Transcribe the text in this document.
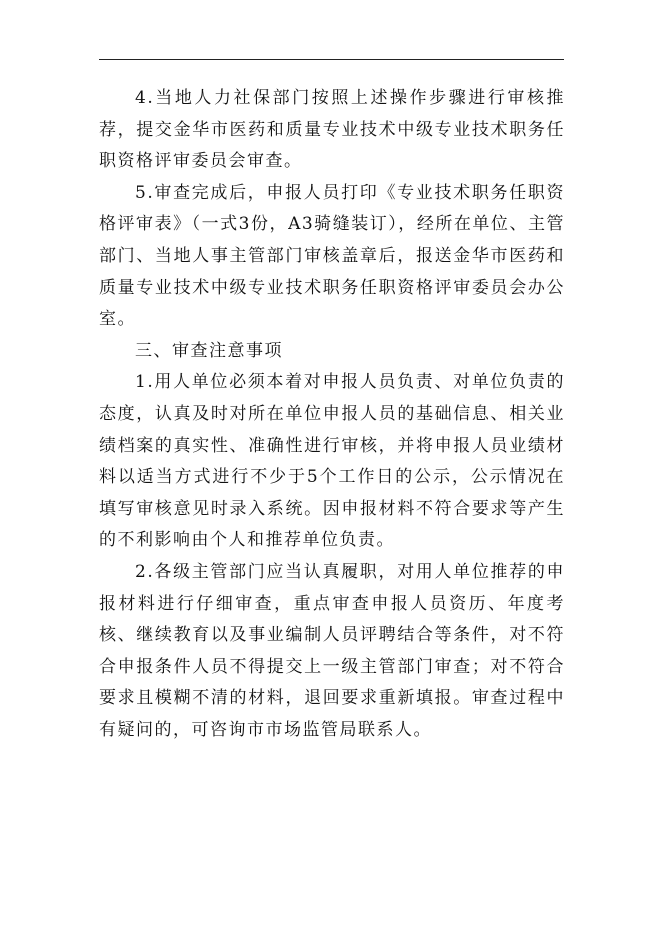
4.当地人力社保部门按照上述操作步骤进行审核推荐，提交金华市医药和质量专业技术中级专业技术职务任职资格评审委员会审查。

5.审查完成后，申报人员打印《专业技术职务任职资格评审表》（一式3份，A3骑缝装订），经所在单位、主管部门、当地人事主管部门审核盖章后，报送金华市医药和质量专业技术中级专业技术职务任职资格评审委员会办公室。

三、审查注意事项

1.用人单位必须本着对申报人员负责、对单位负责的态度，认真及时对所在单位申报人员的基础信息、相关业绩档案的真实性、准确性进行审核，并将申报人员业绩材料以适当方式进行不少于5个工作日的公示，公示情况在填写审核意见时录入系统。因申报材料不符合要求等产生的不利影响由个人和推荐单位负责。

2.各级主管部门应当认真履职，对用人单位推荐的申报材料进行仔细审查，重点审查申报人员资历、年度考核、继续教育以及事业编制人员评聘结合等条件，对不符合申报条件人员不得提交上一级主管部门审查；对不符合要求且模糊不清的材料，退回要求重新填报。审查过程中有疑问的，可咨询市市场监管局联系人。
